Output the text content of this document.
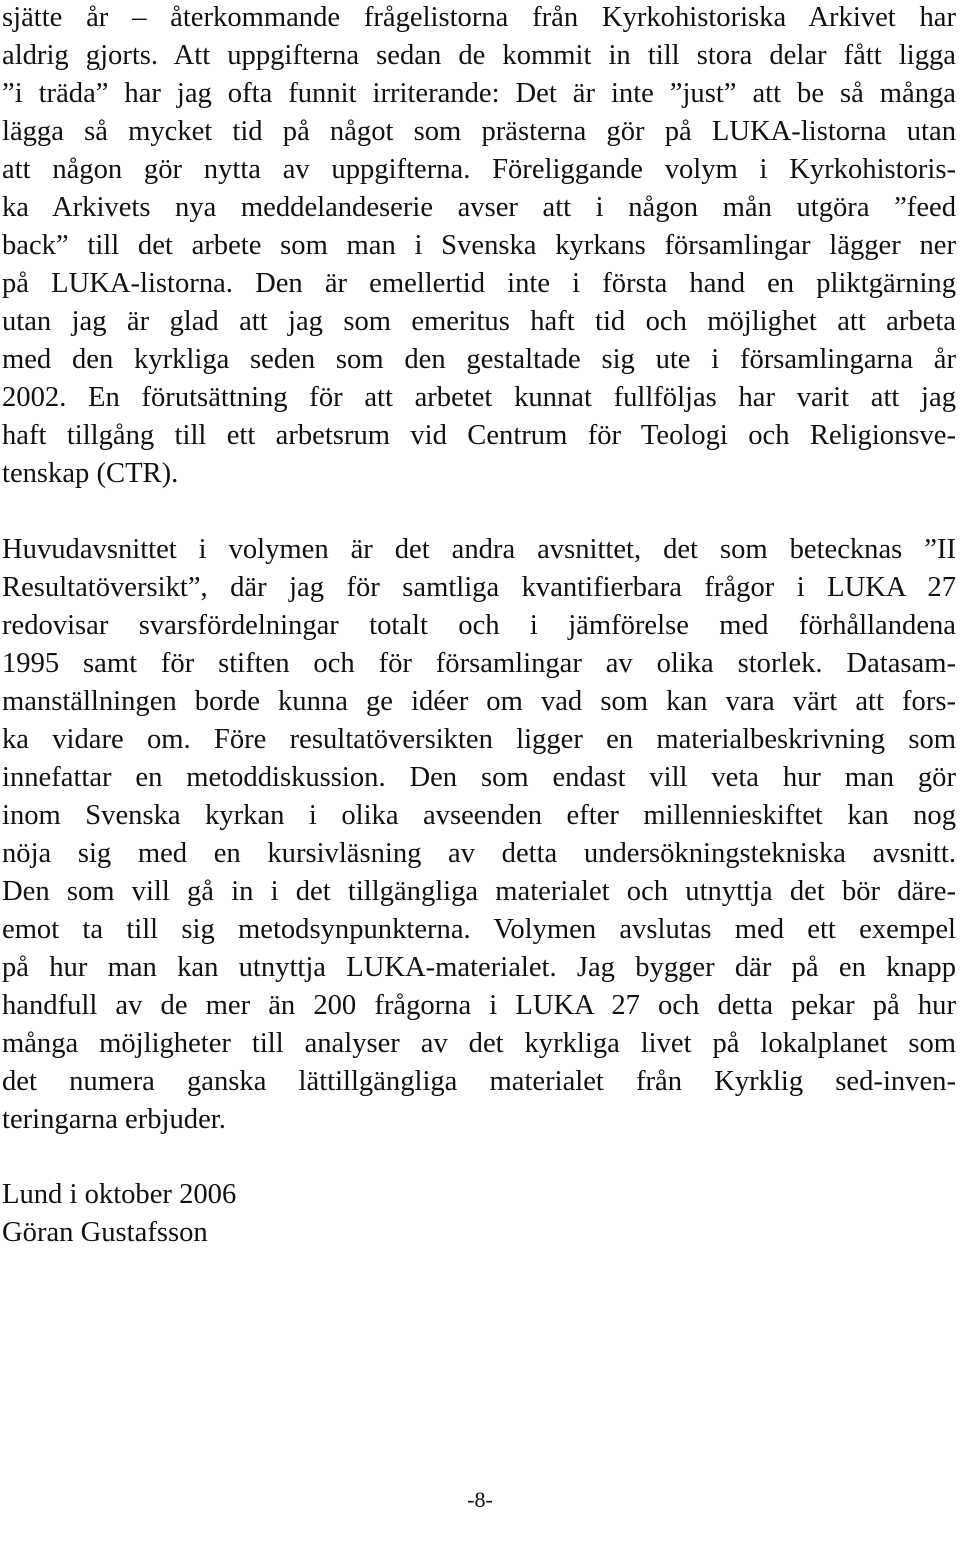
sjätte år – återkommande frågelistorna från Kyrkohistoriska Arkivet har
aldrig gjorts. Att uppgifterna sedan de kommit in till stora delar fått ligga
”i träda” har jag ofta funnit irriterande: Det är inte ”just” att be så många
lägga så mycket tid på något som prästerna gör på LUKA-listorna utan
att någon gör nytta av uppgifterna. Föreliggande volym i Kyrkohistoris-
ka Arkivets nya meddelandeserie avser att i någon mån utgöra ”feed
back” till det arbete som man i Svenska kyrkans församlingar lägger ner
på LUKA-listorna. Den är emellertid inte i första hand en pliktgärning
utan jag är glad att jag som emeritus haft tid och möjlighet att arbeta
med den kyrkliga seden som den gestaltade sig ute i församlingarna år
2002. En förutsättning för att arbetet kunnat fullföljas har varit att jag
haft tillgång till ett arbetsrum vid Centrum för Teologi och Religionsve-
tenskap (CTR).

Huvudavsnittet i volymen är det andra avsnittet, det som betecknas ”II
Resultatöversikt”, där jag för samtliga kvantifierbara frågor i LUKA 27
redovisar svarsfördelningar totalt och i jämförelse med förhållandena
1995 samt för stiften och för församlingar av olika storlek. Datasam-
manställningen borde kunna ge idéer om vad som kan vara värt att fors-
ka vidare om. Före resultatöversikten ligger en materialbeskrivning som
innefattar en metoddiskussion. Den som endast vill veta hur man gör
inom Svenska kyrkan i olika avseenden efter millennieskiftet kan nog
nöja sig med en kursivläsning av detta undersökningstekniska avsnitt.
Den som vill gå in i det tillgängliga materialet och utnyttja det bör däre-
emot ta till sig metodsynpunkterna. Volymen avslutas med ett exempel
på hur man kan utnyttja LUKA-materialet. Jag bygger där på en knapp
handfull av de mer än 200 frågorna i LUKA 27 och detta pekar på hur
många möjligheter till analyser av det kyrkliga livet på lokalplanet som
det numera ganska lättillgängliga materialet från Kyrklig sed-inven-
teringarna erbjuder.

Lund i oktober 2006
Göran Gustafsson
-8-
